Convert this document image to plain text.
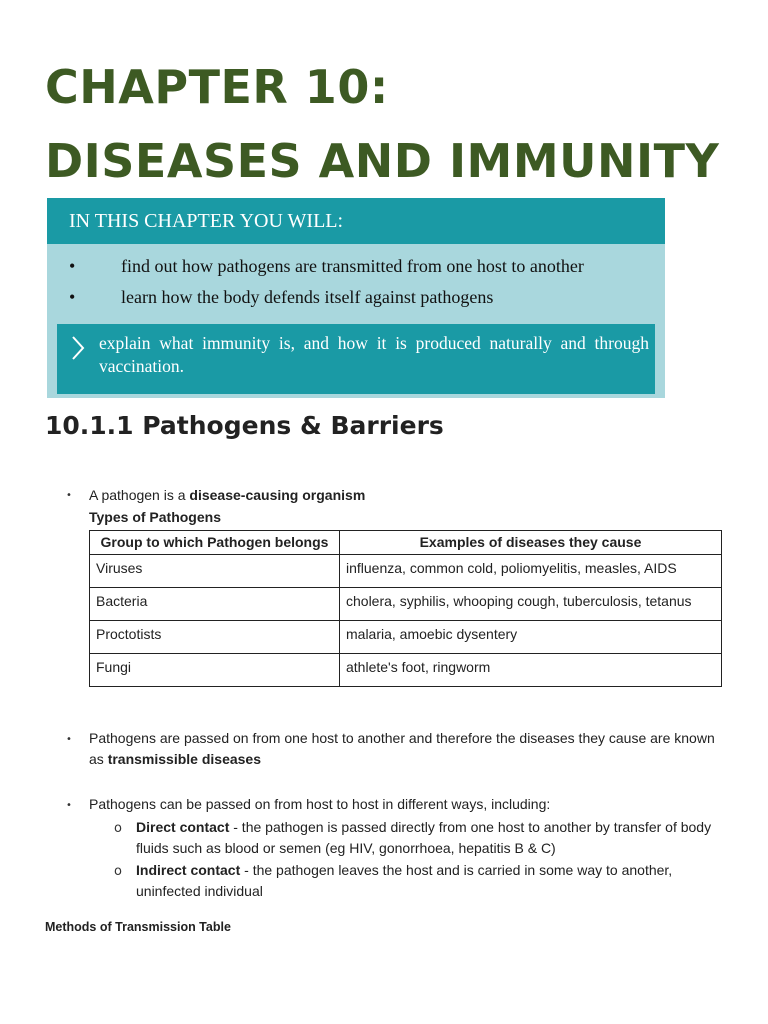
CHAPTER 10:
DISEASES AND IMMUNITY
IN THIS CHAPTER YOU WILL:
•	find out how pathogens are transmitted from one host to another
•	learn how the body defends itself against pathogens
explain what immunity is, and how it is produced naturally and through vaccination.
10.1.1 Pathogens & Barriers
• A pathogen is a disease-causing organism
Types of Pathogens
Group to which Pathogen belongs	Examples of diseases they cause
Viruses	influenza, common cold, poliomyelitis, measles, AIDS
Bacteria	cholera, syphilis, whooping cough, tuberculosis, tetanus
Proctotists	malaria, amoebic dysentery
Fungi	athlete's foot, ringworm
• Pathogens are passed on from one host to another and therefore the diseases they cause are known as transmissible diseases
• Pathogens can be passed on from host to host in different ways, including:
o Direct contact - the pathogen is passed directly from one host to another by transfer of body fluids such as blood or semen (eg HIV, gonorrhoea, hepatitis B & C)
o Indirect contact - the pathogen leaves the host and is carried in some way to another, uninfected individual
Methods of Transmission Table
